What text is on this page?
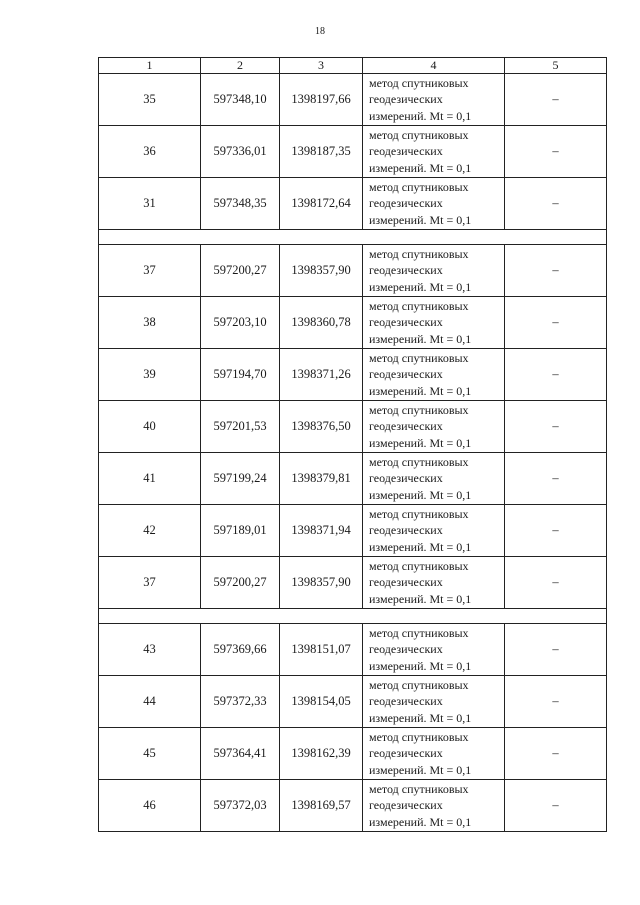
18
1	2	3	4	5
35	597348,10	1398197,66	метод спутниковых
геодезических
измерений. Mt = 0,1	–
36	597336,01	1398187,35	метод спутниковых
геодезических
измерений. Mt = 0,1	–
31	597348,35	1398172,64	метод спутниковых
геодезических
измерений. Mt = 0,1	–

37	597200,27	1398357,90	метод спутниковых
геодезических
измерений. Mt = 0,1	–
38	597203,10	1398360,78	метод спутниковых
геодезических
измерений. Mt = 0,1	–
39	597194,70	1398371,26	метод спутниковых
геодезических
измерений. Mt = 0,1	–
40	597201,53	1398376,50	метод спутниковых
геодезических
измерений. Mt = 0,1	–
41	597199,24	1398379,81	метод спутниковых
геодезических
измерений. Mt = 0,1	–
42	597189,01	1398371,94	метод спутниковых
геодезических
измерений. Mt = 0,1	–
37	597200,27	1398357,90	метод спутниковых
геодезических
измерений. Mt = 0,1	–

43	597369,66	1398151,07	метод спутниковых
геодезических
измерений. Mt = 0,1	–
44	597372,33	1398154,05	метод спутниковых
геодезических
измерений. Mt = 0,1	–
45	597364,41	1398162,39	метод спутниковых
геодезических
измерений. Mt = 0,1	–
46	597372,03	1398169,57	метод спутниковых
геодезических
измерений. Mt = 0,1	–
